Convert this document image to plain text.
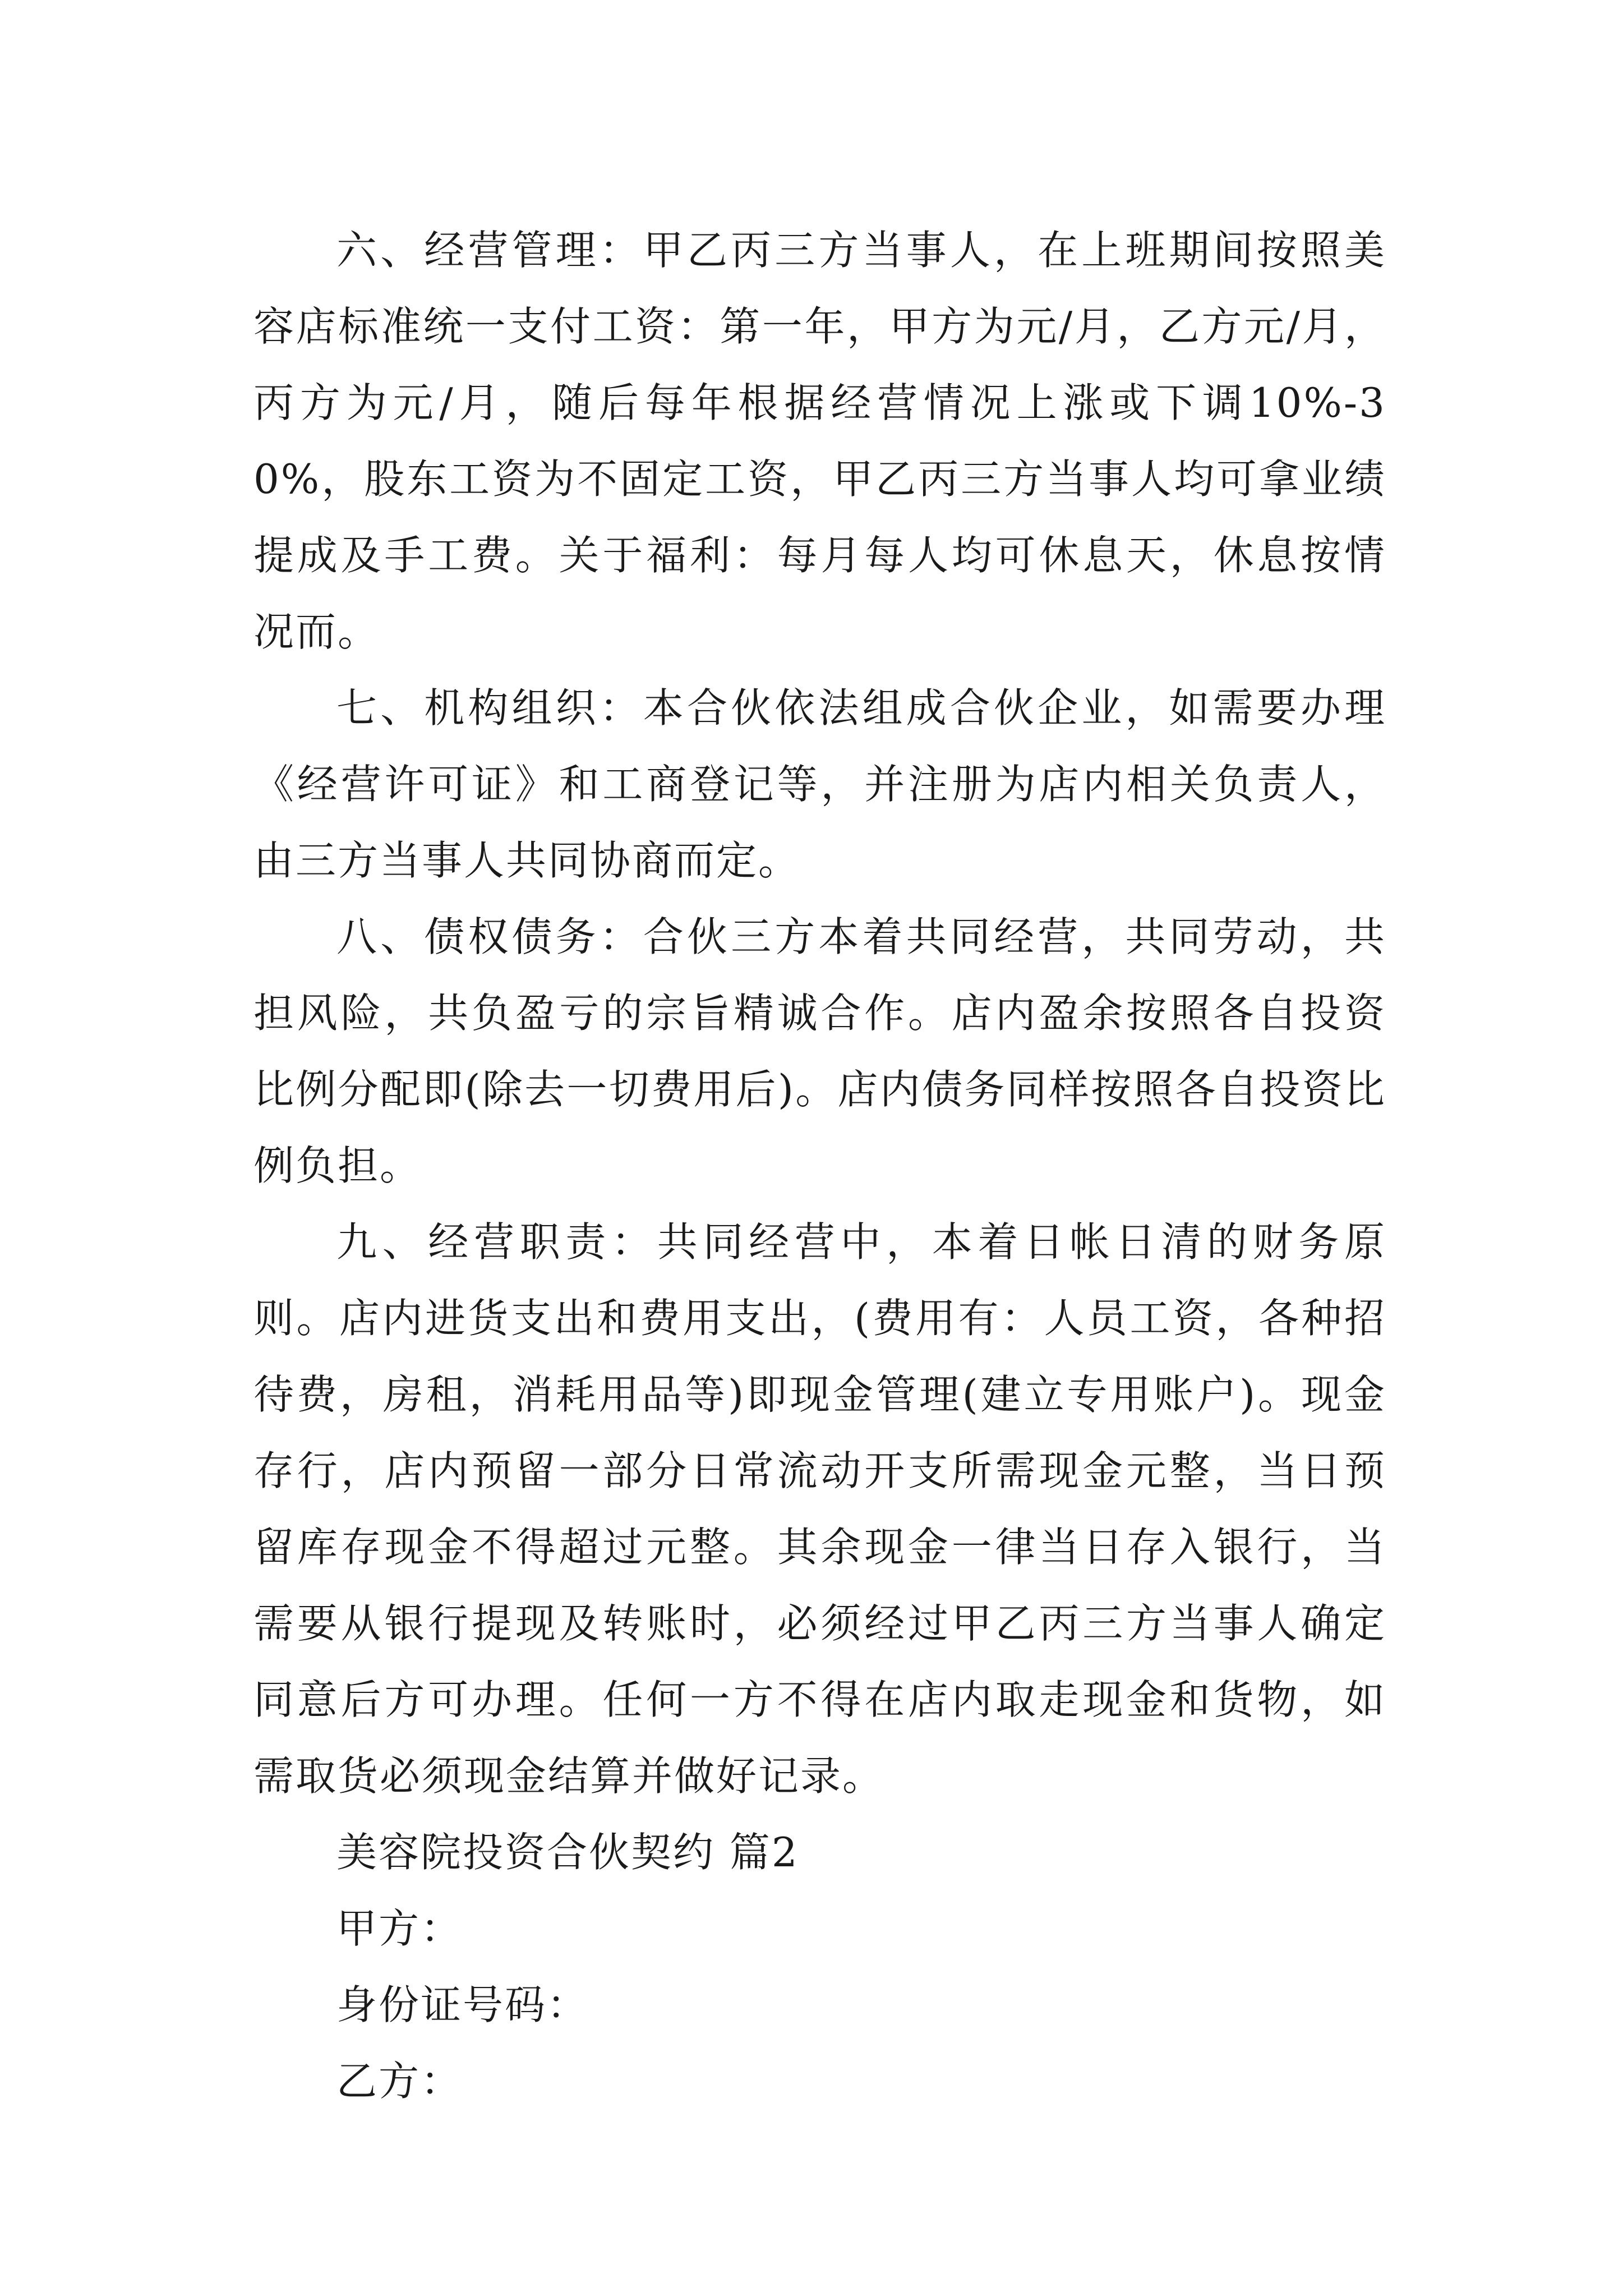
六、经营管理：甲乙丙三方当事人，在上班期间按照美容店标准统一支付工资：第一年，甲方为元/月，乙方元/月，丙方为元/月，随后每年根据经营情况上涨或下调10%-30%，股东工资为不固定工资，甲乙丙三方当事人均可拿业绩提成及手工费。关于福利：每月每人均可休息天，休息按情况而。

七、机构组织：本合伙依法组成合伙企业，如需要办理《经营许可证》和工商登记等，并注册为店内相关负责人，由三方当事人共同协商而定。

八、债权债务：合伙三方本着共同经营，共同劳动，共担风险，共负盈亏的宗旨精诚合作。店内盈余按照各自投资比例分配即(除去一切费用后)。店内债务同样按照各自投资比例负担。

九、经营职责：共同经营中，本着日帐日清的财务原则。店内进货支出和费用支出，(费用有：人员工资，各种招待费，房租，消耗用品等)即现金管理(建立专用账户)。现金存行，店内预留一部分日常流动开支所需现金元整，当日预留库存现金不得超过元整。其余现金一律当日存入银行，当需要从银行提现及转账时，必须经过甲乙丙三方当事人确定同意后方可办理。任何一方不得在店内取走现金和货物，如需取货必须现金结算并做好记录。

美容院投资合伙契约 篇2

甲方：

身份证号码：

乙方：
